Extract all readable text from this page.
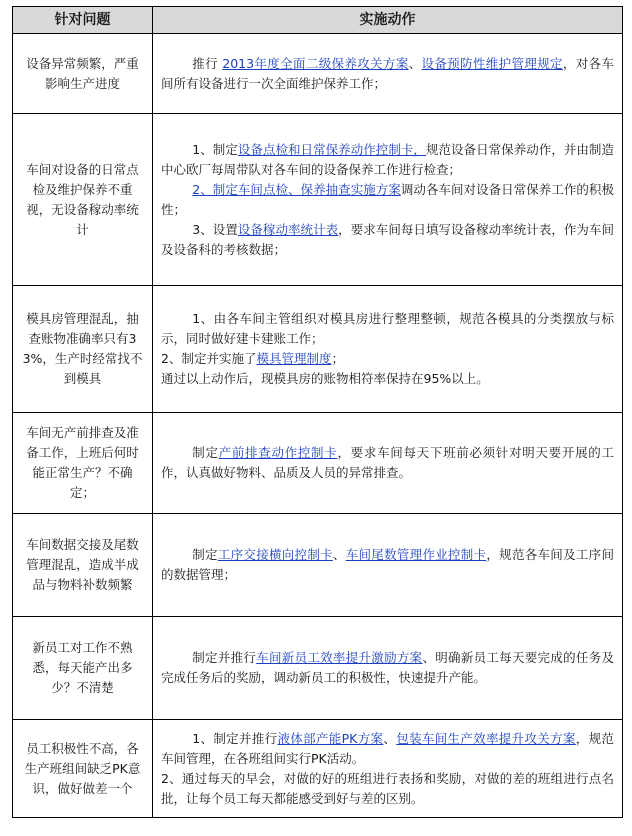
针对问题	实施动作
设备异常频繁，严重影响生产进度	推行 2013年度全面二级保养攻关方案、设备预防性维护管理规定，对各车间所有设备进行一次全面维护保养工作；

车间对设备的日常点检及维护保养不重视，无设备稼动率统计	1、制定设备点检和日常保养动作控制卡，规范设备日常保养动作，并由制造中心欧厂每周带队对各车间的设备保养工作进行检查；

2、制定车间点检、保养抽查实施方案调动各车间对设备日常保养工作的积极性；

3、设置设备稼动率统计表，要求车间每日填写设备稼动率统计表，作为车间及设备科的考核数据；

模具房管理混乱，抽查账物准确率只有33%，生产时经常找不到模具	1、由各车间主管组织对模具房进行整理整顿，规范各模具的分类摆放与标示，同时做好建卡建账工作；

2、制定并实施了模具管理制度；

通过以上动作后，现模具房的账物相符率保持在95%以上。

车间无产前排查及准备工作，上班后何时能正常生产？不确定；	制定产前排查动作控制卡，要求车间每天下班前必须针对明天要开展的工作，认真做好物料、品质及人员的异常排查。

车间数据交接及尾数管理混乱，造成半成品与物料补数频繁	制定工序交接横向控制卡、车间尾数管理作业控制卡，规范各车间及工序间的数据管理；

新员工对工作不熟悉，每天能产出多少？不清楚	制定并推行车间新员工效率提升激励方案、明确新员工每天要完成的任务及完成任务后的奖励，调动新员工的积极性，快速提升产能。

员工积极性不高，各生产班组间缺乏PK意识，做好做差一个	1、制定并推行液体部产能PK方案、包装车间生产效率提升攻关方案，规范车间管理，在各班组间实行PK活动。

2、通过每天的早会，对做的好的班组进行表扬和奖励，对做的差的班组进行点名批，让每个员工每天都能感受到好与差的区别。
